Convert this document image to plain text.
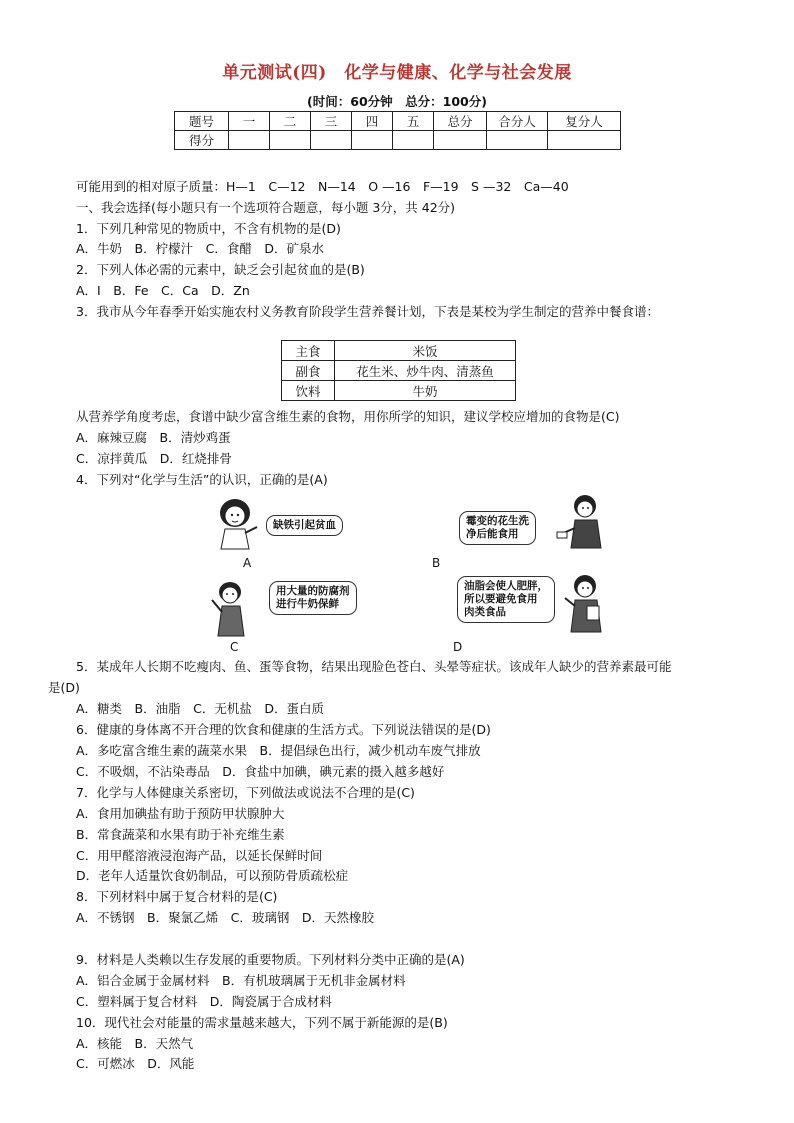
单元测试(四)　化学与健康、化学与社会发展
(时间：60分钟　总分：100分)
题号	一	二	三	四	五	总分	合分人	复分人
得分								
可能用到的相对原子质量：H—1　C—12　N—14　O —16　F—19　S —32　Ca—40
一、我会选择(每小题只有一个选项符合题意，每小题 3分，共 42分)
1．下列几种常见的物质中，不含有机物的是(D)
A．牛奶　B．柠檬汁　C．食醋　D．矿泉水
2．下列人体必需的元素中，缺乏会引起贫血的是(B)
A．I　B．Fe　C．Ca　D．Zn
3．我市从今年春季开始实施农村义务教育阶段学生营养餐计划，下表是某校为学生制定的营养中餐食谱：
主食	米饭
副食	花生米、炒牛肉、清蒸鱼
饮料	牛奶
从营养学角度考虑，食谱中缺少富含维生素的食物，用你所学的知识，建议学校应增加的食物是(C)
A．麻辣豆腐　B．清炒鸡蛋
C．凉拌黄瓜　D．红烧排骨
4．下列对“化学与生活”的认识，正确的是(A)
缺铁引起贫血
A
霉变的花生洗
净后能食用
B
用大量的防腐剂
进行牛奶保鲜
C
油脂会使人肥胖，
所以要避免食用
肉类食品
D
5．某成年人长期不吃瘦肉、鱼、蛋等食物，结果出现脸色苍白、头晕等症状。该成年人缺少的营养素最可能
是(D)
A．糖类　B．油脂　C．无机盐　D．蛋白质
6．健康的身体离不开合理的饮食和健康的生活方式。下列说法错误的是(D)
A．多吃富含维生素的蔬菜水果　B．提倡绿色出行，减少机动车废气排放
C．不吸烟，不沾染毒品　D．食盐中加碘，碘元素的摄入越多越好
7．化学与人体健康关系密切，下列做法或说法不合理的是(C)
A．食用加碘盐有助于预防甲状腺肿大
B．常食蔬菜和水果有助于补充维生素
C．用甲醛溶液浸泡海产品，以延长保鲜时间
D．老年人适量饮食奶制品，可以预防骨质疏松症
8．下列材料中属于复合材料的是(C)
A．不锈钢　B．聚氯乙烯　C．玻璃钢　D．天然橡胶
9．材料是人类赖以生存发展的重要物质。下列材料分类中正确的是(A)
A．铝合金属于金属材料　B．有机玻璃属于无机非金属材料
C．塑料属于复合材料　D．陶瓷属于合成材料
10．现代社会对能量的需求量越来越大，下列不属于新能源的是(B)
A．核能　B．天然气
C．可燃冰　D．风能
